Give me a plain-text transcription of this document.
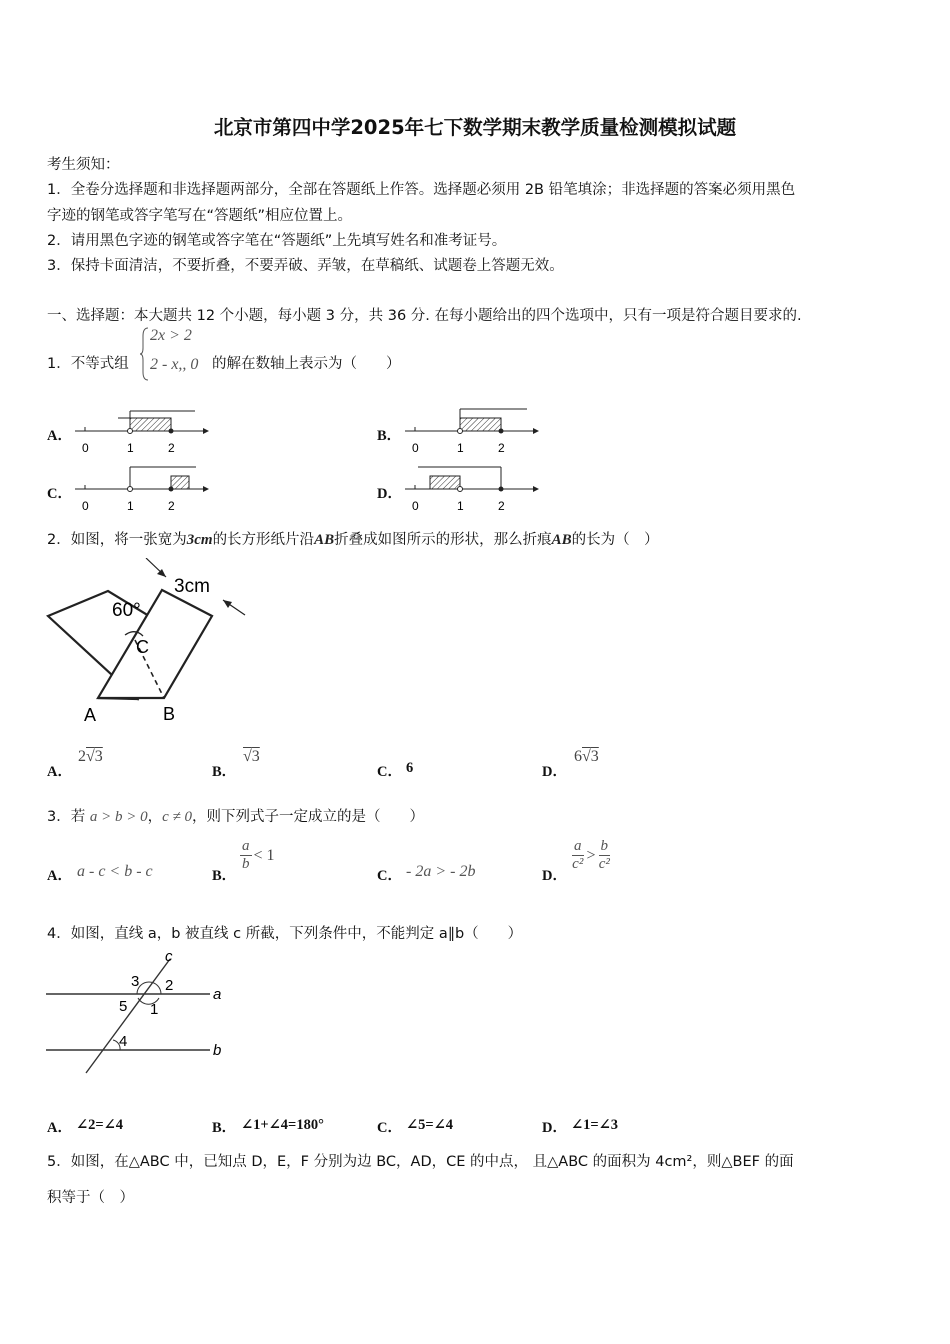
北京市第四中学2025年七下数学期末教学质量检测模拟试题
考生须知：
1．全卷分选择题和非选择题两部分，全部在答题纸上作答。选择题必须用 2B 铅笔填涂；非选择题的答案必须用黑色
字迹的钢笔或答字笔写在“答题纸”相应位置上。
2．请用黑色字迹的钢笔或答字笔在“答题纸”上先填写姓名和准考证号。
3．保持卡面清洁，不要折叠，不要弄破、弄皱，在草稿纸、试题卷上答题无效。
一、选择题：本大题共 12 个小题，每小题 3 分，共 36 分. 在每小题给出的四个选项中，只有一项是符合题目要求的.
1．不等式组
2x > 2
2 - x,, 0 的解在数轴上表示为（　　）
A．
0	1	2
B．
0	1	2
C．
0	1	2
D．
0	1	2
2．如图，将一张宽为3cm的长方形纸片沿AB折叠成如图所示的形状，那么折痕AB的长为（　）
60°
3cm
C
A	B
A．
2√3
B．
√3
C． 6	D．
6√3
3．若 a > b > 0，c ≠ 0，则下列式子一定成立的是（　　）
A． a - c < b - c	B．
$\frac{a}{b} < 1$
C． - 2a > - 2b	D．
$\frac{a}{\text{c²}} > \frac{b}{\text{c²}}$
4．如图，直线 a，b 被直线 c 所截，下列条件中，不能判定 a∥b（　　）
c
a
b
3 2
5 1
4
A． ∠2=∠4	B． ∠1+∠4=180°	C． ∠5=∠4	D． ∠1=∠3
5．如图，在△ABC 中，已知点 D，E，F 分别为边 BC，AD，CE 的中点， 且△ABC 的面积为 4cm²，则△BEF 的面
积等于（　）
